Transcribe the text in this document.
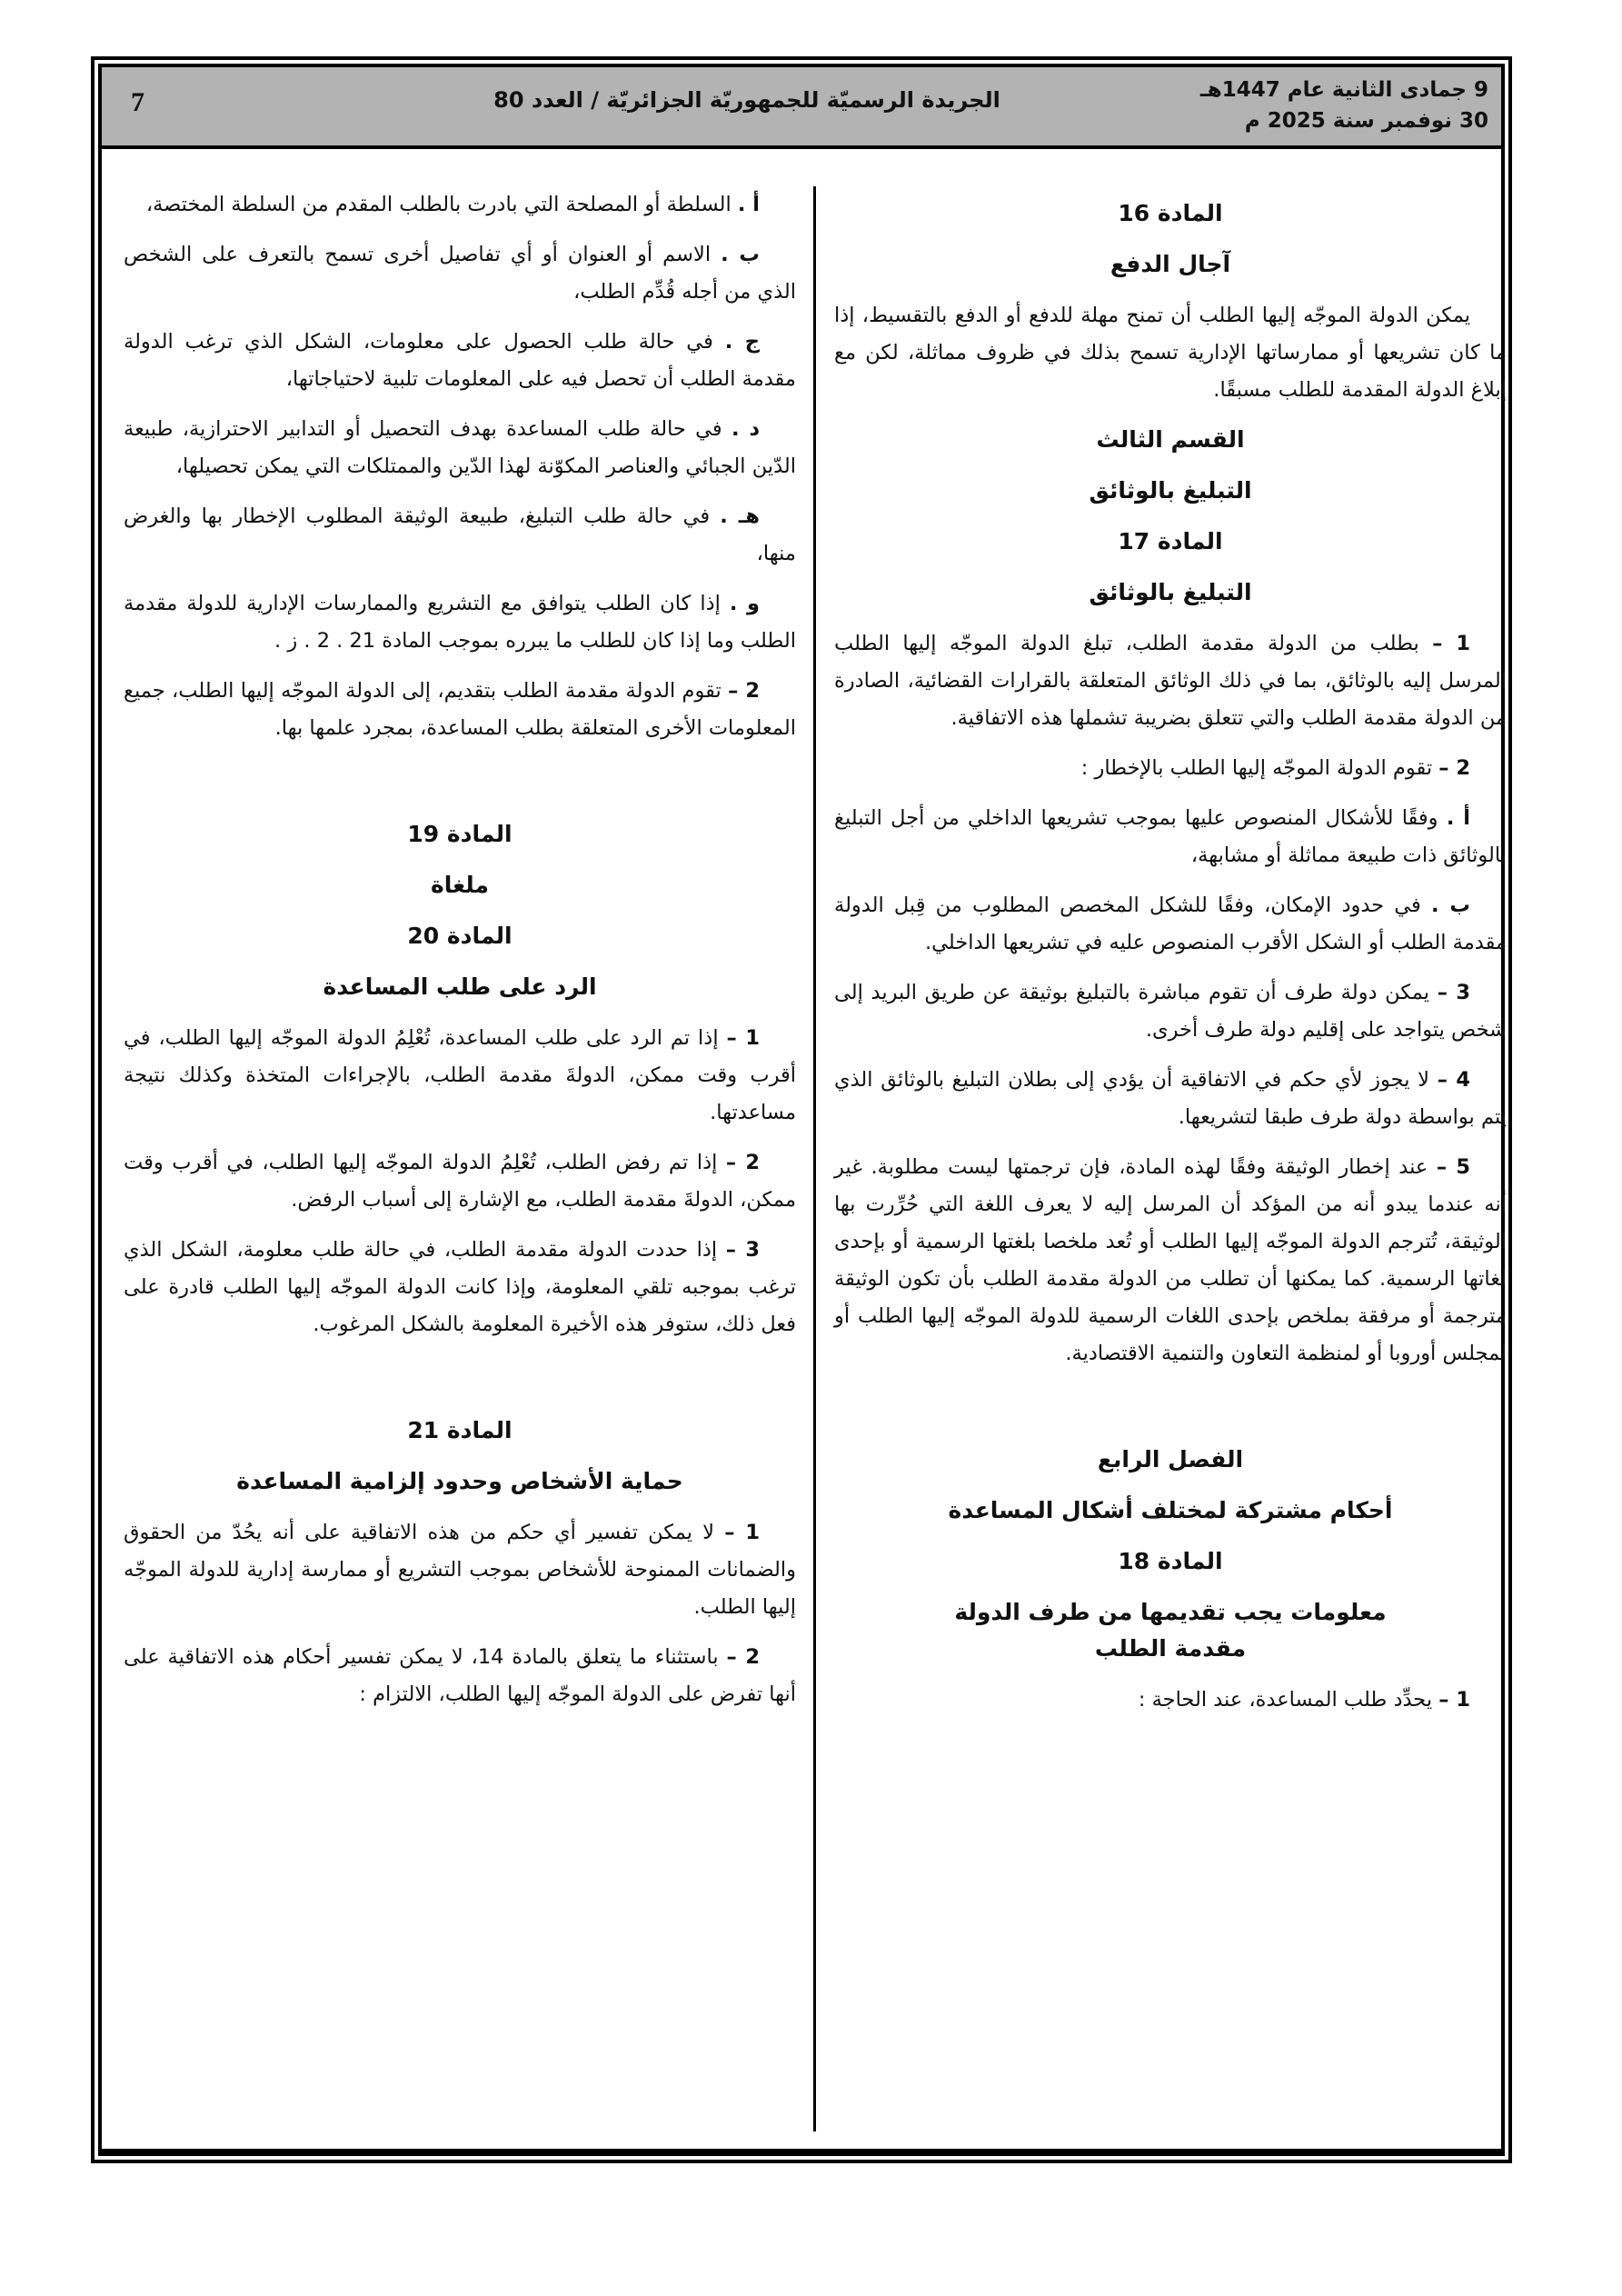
7	الجريدة الرسميّة للجمهوريّة الجزائريّة / العدد 80	9 جمادى الثانية عام 1447هـ
30 نوفمبر سنة 2025 م
المادة 16
آجال الدفع

يمكن الدولة الموجّه إليها الطلب أن تمنح مهلة للدفع أو الدفع بالتقسيط، إذا ما كان تشريعها أو ممارساتها الإدارية تسمح بذلك في ظروف مماثلة، لكن مع إبلاغ الدولة المقدمة للطلب مسبقًا.

القسم الثالث
التبليغ بالوثائق
المادة 17
التبليغ بالوثائق

1 – بطلب من الدولة مقدمة الطلب، تبلغ الدولة الموجّه إليها الطلب المرسل إليه بالوثائق، بما في ذلك الوثائق المتعلقة بالقرارات القضائية، الصادرة من الدولة مقدمة الطلب والتي تتعلق بضريبة تشملها هذه الاتفاقية.

2 – تقوم الدولة الموجّه إليها الطلب بالإخطار :

أ . وفقًا للأشكال المنصوص عليها بموجب تشريعها الداخلي من أجل التبليغ بالوثائق ذات طبيعة مماثلة أو مشابهة،

ب . في حدود الإمكان، وفقًا للشكل المخصص المطلوب من قِبل الدولة مقدمة الطلب أو الشكل الأقرب المنصوص عليه في تشريعها الداخلي.

3 – يمكن دولة طرف أن تقوم مباشرة بالتبليغ بوثيقة عن طريق البريد إلى شخص يتواجد على إقليم دولة طرف أخرى.

4 – لا يجوز لأي حكم في الاتفاقية أن يؤدي إلى بطلان التبليغ بالوثائق الذي يتم بواسطة دولة طرف طبقا لتشريعها.

5 – عند إخطار الوثيقة وفقًا لهذه المادة، فإن ترجمتها ليست مطلوبة. غير أنه عندما يبدو أنه من المؤكد أن المرسل إليه لا يعرف اللغة التي حُرِّرت بها الوثيقة، تُترجم الدولة الموجّه إليها الطلب أو تُعد ملخصا بلغتها الرسمية أو بإحدى لغاتها الرسمية. كما يمكنها أن تطلب من الدولة مقدمة الطلب بأن تكون الوثيقة مترجمة أو مرفقة بملخص بإحدى اللغات الرسمية للدولة الموجّه إليها الطلب أو لمجلس أوروبا أو لمنظمة التعاون والتنمية الاقتصادية.

الفصل الرابع
أحكام مشتركة لمختلف أشكال المساعدة
المادة 18
معلومات يجب تقديمها من طرف الدولة
مقدمة الطلب

1 – يحدِّد طلب المساعدة، عند الحاجة :

أ . السلطة أو المصلحة التي بادرت بالطلب المقدم من السلطة المختصة،

ب . الاسم أو العنوان أو أي تفاصيل أخرى تسمح بالتعرف على الشخص الذي من أجله قُدِّم الطلب،

ج . في حالة طلب الحصول على معلومات، الشكل الذي ترغب الدولة مقدمة الطلب أن تحصل فيه على المعلومات تلبية لاحتياجاتها،

د . في حالة طلب المساعدة بهدف التحصيل أو التدابير الاحترازية، طبيعة الدّين الجبائي والعناصر المكوّنة لهذا الدّين والممتلكات التي يمكن تحصيلها،

هـ . في حالة طلب التبليغ، طبيعة الوثيقة المطلوب الإخطار بها والغرض منها،

و . إذا كان الطلب يتوافق مع التشريع والممارسات الإدارية للدولة مقدمة الطلب وما إذا كان للطلب ما يبرره بموجب المادة 21 . 2 . ز .

2 – تقوم الدولة مقدمة الطلب بتقديم، إلى الدولة الموجّه إليها الطلب، جميع المعلومات الأخرى المتعلقة بطلب المساعدة، بمجرد علمها بها.

المادة 19
ملغاة
المادة 20
الرد على طلب المساعدة

1 – إذا تم الرد على طلب المساعدة، تُعْلِمُ الدولة الموجّه إليها الطلب، في أقرب وقت ممكن، الدولةَ مقدمة الطلب، بالإجراءات المتخذة وكذلك نتيجة مساعدتها.

2 – إذا تم رفض الطلب، تُعْلِمُ الدولة الموجّه إليها الطلب، في أقرب وقت ممكن، الدولةَ مقدمة الطلب، مع الإشارة إلى أسباب الرفض.

3 – إذا حددت الدولة مقدمة الطلب، في حالة طلب معلومة، الشكل الذي ترغب بموجبه تلقي المعلومة، وإذا كانت الدولة الموجّه إليها الطلب قادرة على فعل ذلك، ستوفر هذه الأخيرة المعلومة بالشكل المرغوب.

المادة 21
حماية الأشخاص وحدود إلزامية المساعدة

1 – لا يمكن تفسير أي حكم من هذه الاتفاقية على أنه يحُدّ من الحقوق والضمانات الممنوحة للأشخاص بموجب التشريع أو ممارسة إدارية للدولة الموجّه إليها الطلب.

2 – باستثناء ما يتعلق بالمادة 14، لا يمكن تفسير أحكام هذه الاتفاقية على أنها تفرض على الدولة الموجّه إليها الطلب، الالتزام :
